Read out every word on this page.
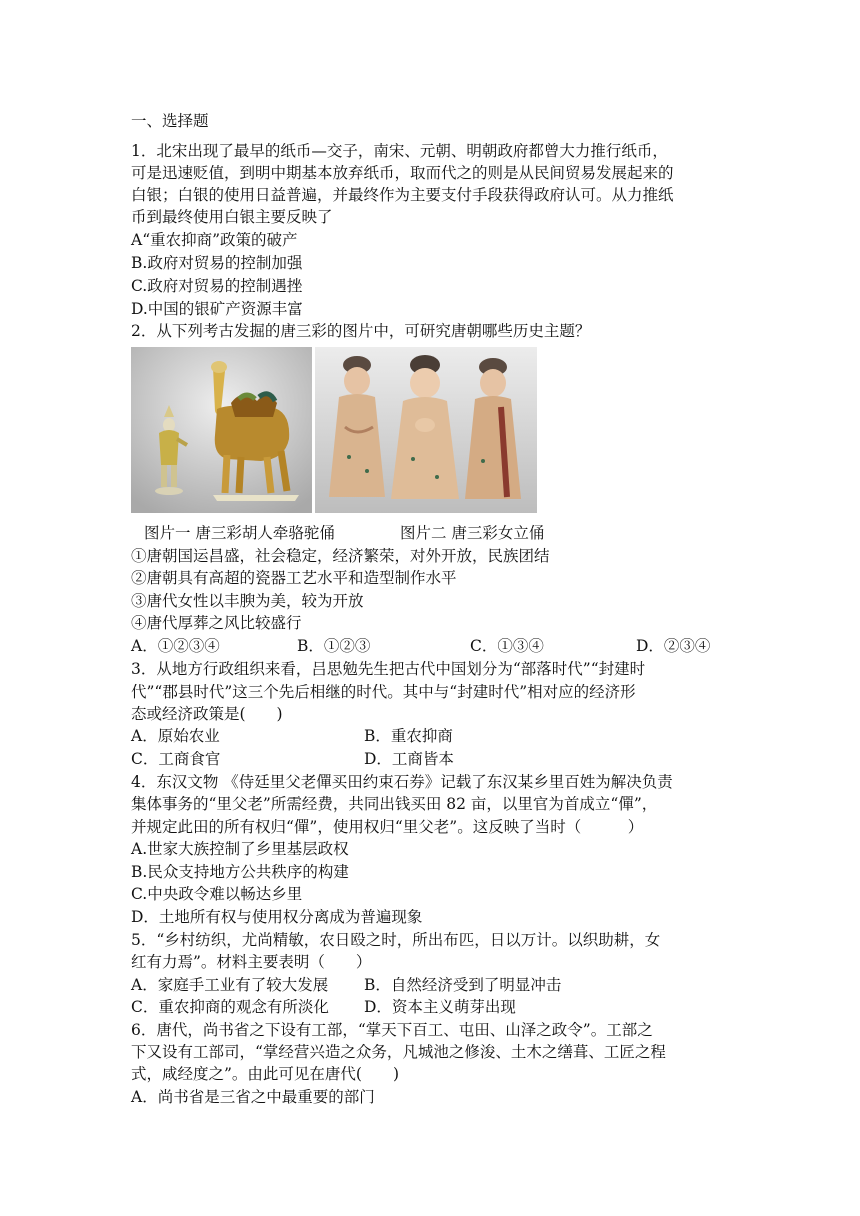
一、选择题
1．北宋出现了最早的纸币—交子，南宋、元朝、明朝政府都曾大力推行纸币，
可是迅速贬值，到明中期基本放弃纸币，取而代之的则是从民间贸易发展起来的
白银；白银的使用日益普遍，并最终作为主要支付手段获得政府认可。从力推纸
币到最终使用白银主要反映了
A“重农抑商”政策的破产
B.政府对贸易的控制加强
C.政府对贸易的控制遇挫
D.中国的银矿产资源丰富
2．从下列考古发掘的唐三彩的图片中，可研究唐朝哪些历史主题？
图片一 唐三彩胡人牵骆驼俑	图片二 唐三彩女立俑
①唐朝国运昌盛，社会稳定，经济繁荣，对外开放，民族团结
②唐朝具有高超的瓷器工艺水平和造型制作水平
③唐代女性以丰腴为美，较为开放
④唐代厚葬之风比较盛行
A．①②③④	B．①②③	C．①③④	D．②③④
3．从地方行政组织来看，吕思勉先生把古代中国划分为“部落时代”“封建时
代”“郡县时代”这三个先后相继的时代。其中与“封建时代”相对应的经济形
态或经济政策是(　　)
A．原始农业	B．重农抑商
C．工商食官	D．工商皆本
4．东汉文物 《侍廷里父老僤买田约束石券》记载了东汉某乡里百姓为解决负责
集体事务的“里父老”所需经费，共同出钱买田 82 亩，以里官为首成立“僤”，
并规定此田的所有权归“僤”，使用权归“里父老”。这反映了当时（　　　）
A.世家大族控制了乡里基层政权
B.民众支持地方公共秩序的构建
C.中央政令难以畅达乡里
D．土地所有权与使用权分离成为普遍现象
5．“乡村纺织，尤尚精敏，农日殴之时，所出布匹，日以万计。以织助耕，女
红有力焉”。材料主要表明（　　）
A．家庭手工业有了较大发展 B．自然经济受到了明显冲击
C．重农抑商的观念有所淡化 D．资本主义萌芽出现
6．唐代，尚书省之下设有工部，“掌天下百工、屯田、山泽之政令”。工部之
下又设有工部司，“掌经营兴造之众务，凡城池之修浚、土木之缮葺、工匠之程
式，咸经度之”。由此可见在唐代(　　)
A．尚书省是三省之中最重要的部门
